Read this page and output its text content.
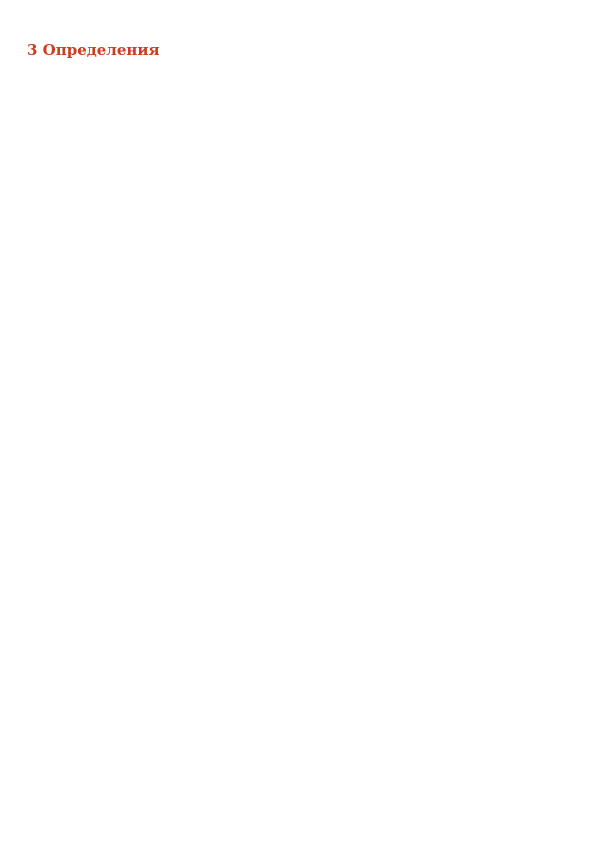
3 Определения
